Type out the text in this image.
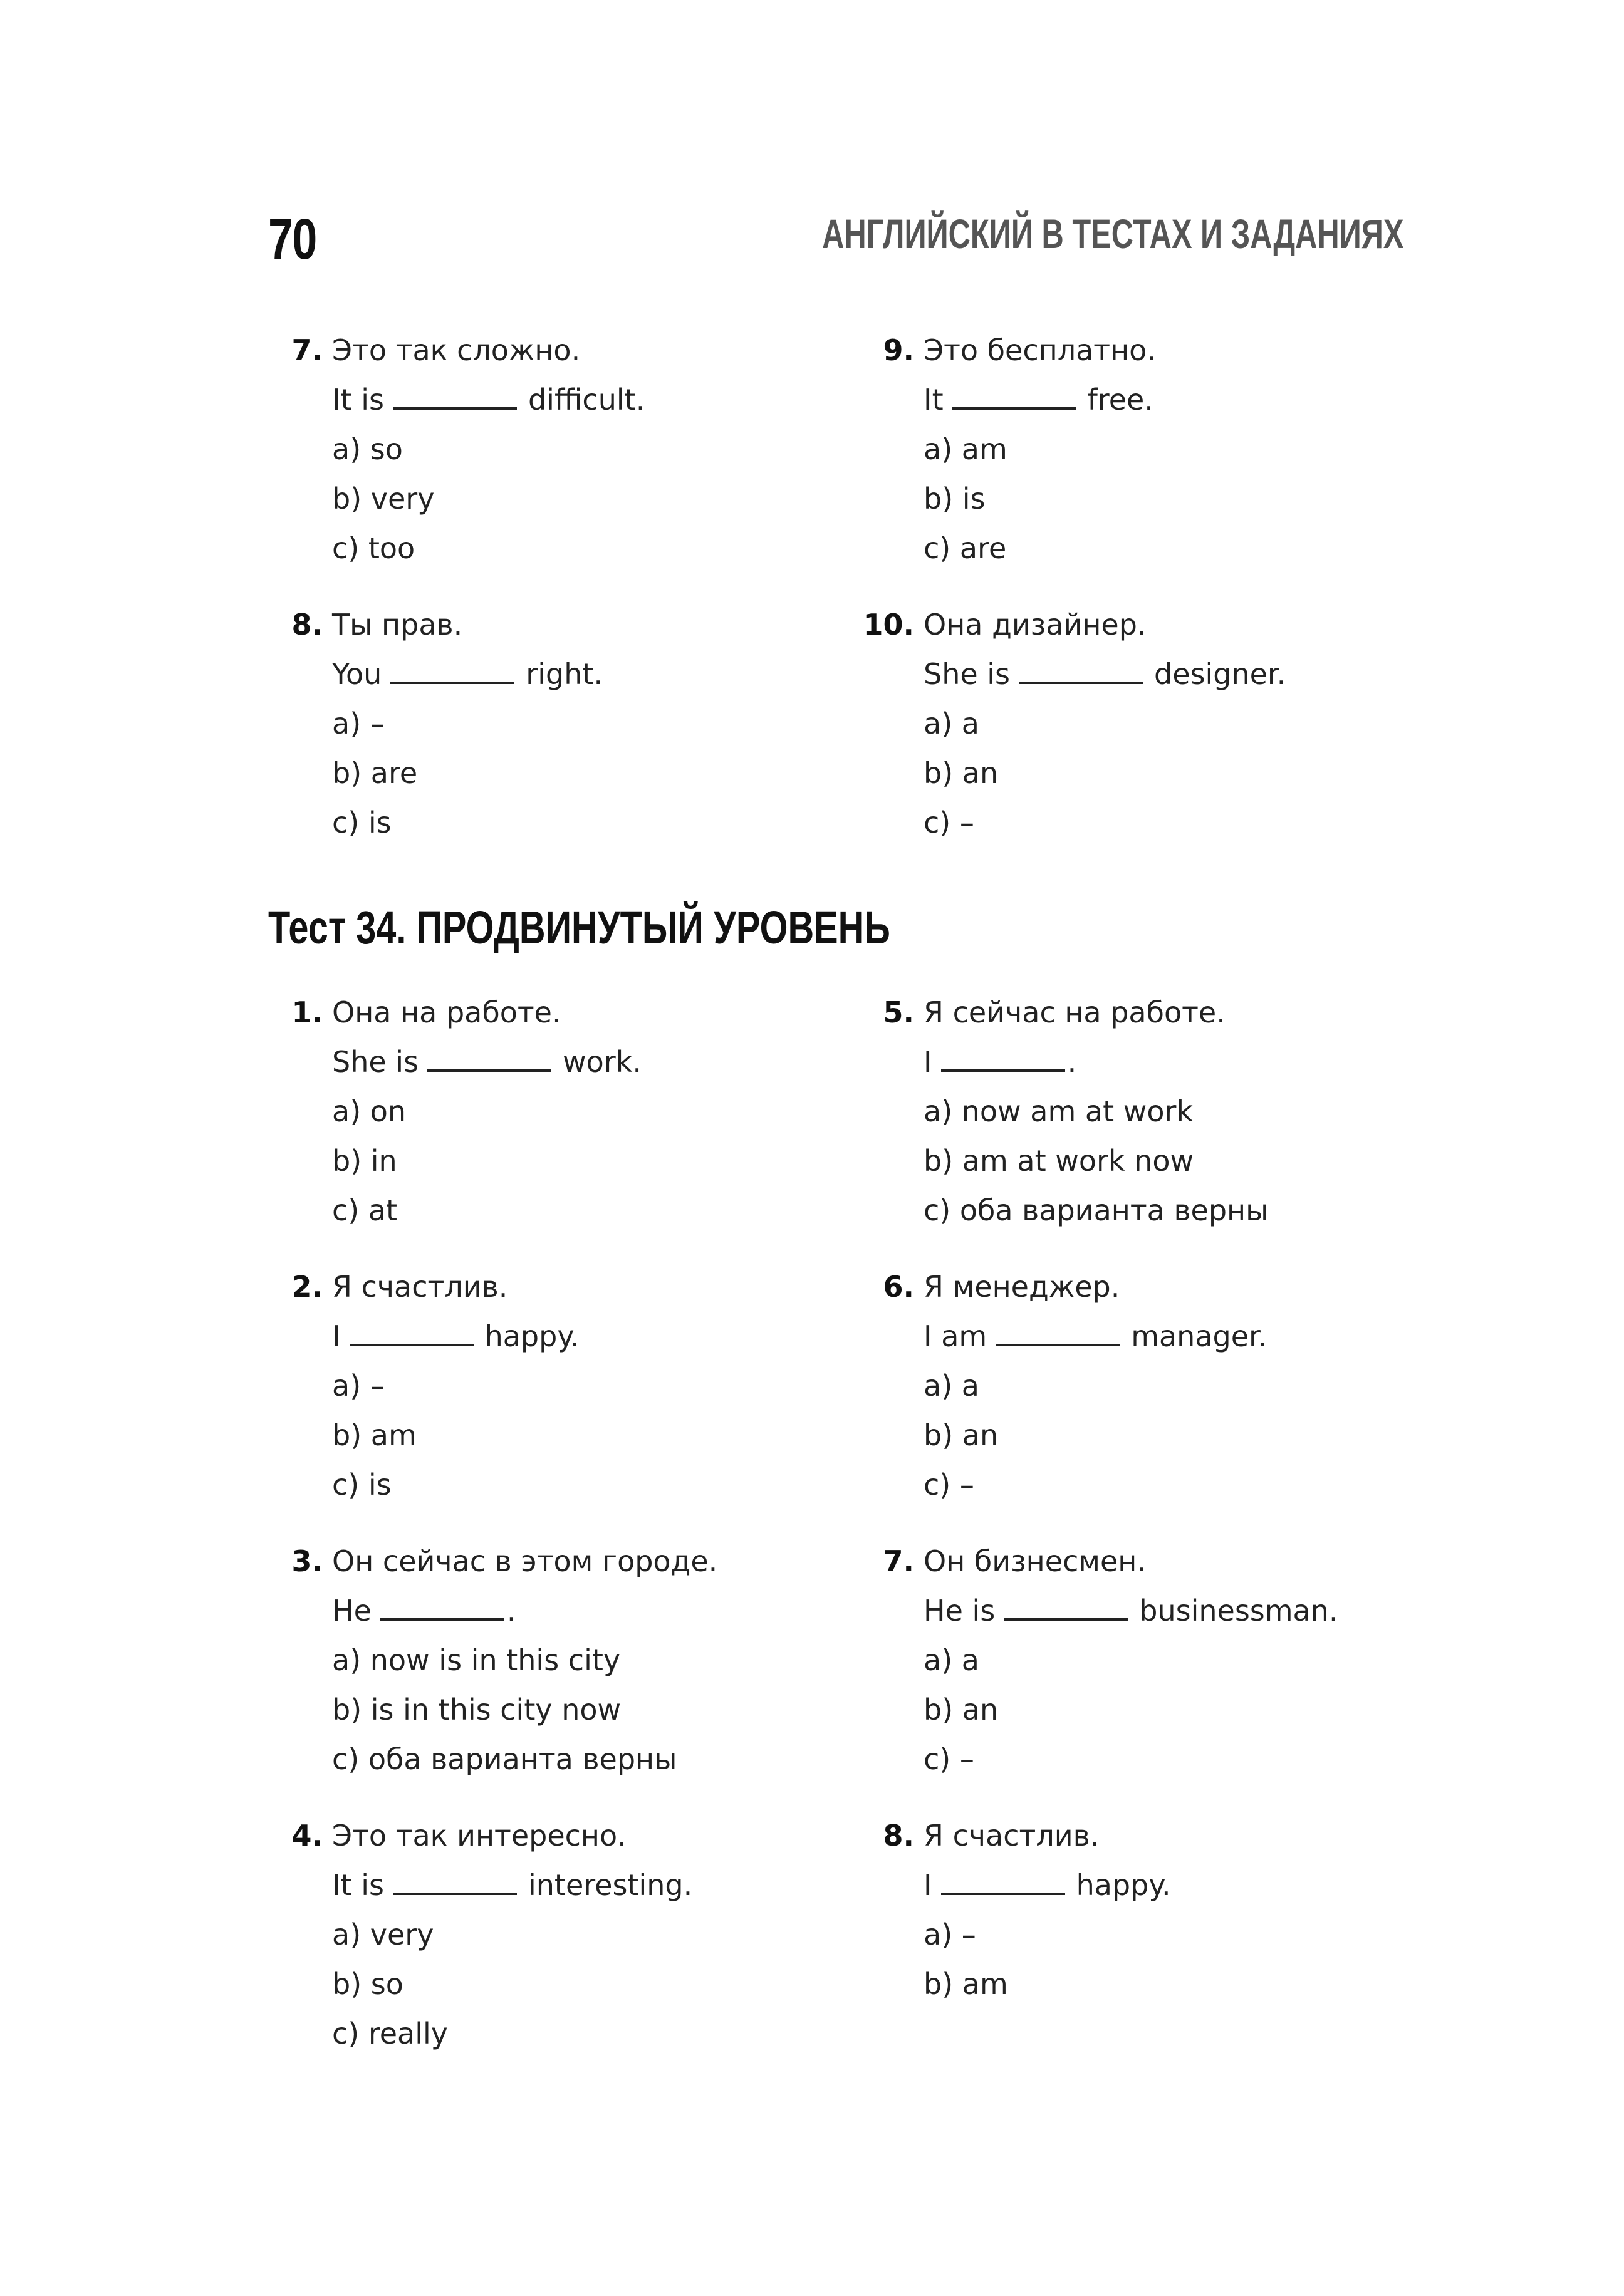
70	АНГЛИЙСКИЙ В ТЕСТАХ И ЗАДАНИЯХ
7. Это так сложно.
It is	difficult.
a) so
b) very
c) too
8. Ты прав.
You	right.
a) –
b) are
c) is
9. Это бесплатно.
It	free.
a) am
b) is
c) are
10. Она дизайнер.
She is	designer.
a) a
b) an
c) –
Тест 34. ПРОДВИНУТЫЙ УРОВЕНЬ
1. Она на работе.
She is	work.
a) on
b) in
c) at
2. Я счастлив.
I	happy.
a) –
b) am
c) is
3. Он сейчас в этом городе.
He	.
a) now is in this city
b) is in this city now
c) оба варианта верны
4. Это так интересно.
It is	interesting.
a) very
b) so
c) really
5. Я сейчас на работе.
I	.
a) now am at work
b) am at work now
c) оба варианта верны
6. Я менеджер.
I am	manager.
a) a
b) an
c) –
7. Он бизнесмен.
He is	businessman.
a) a
b) an
c) –
8. Я счастлив.
I	happy.
a) –
b) am
